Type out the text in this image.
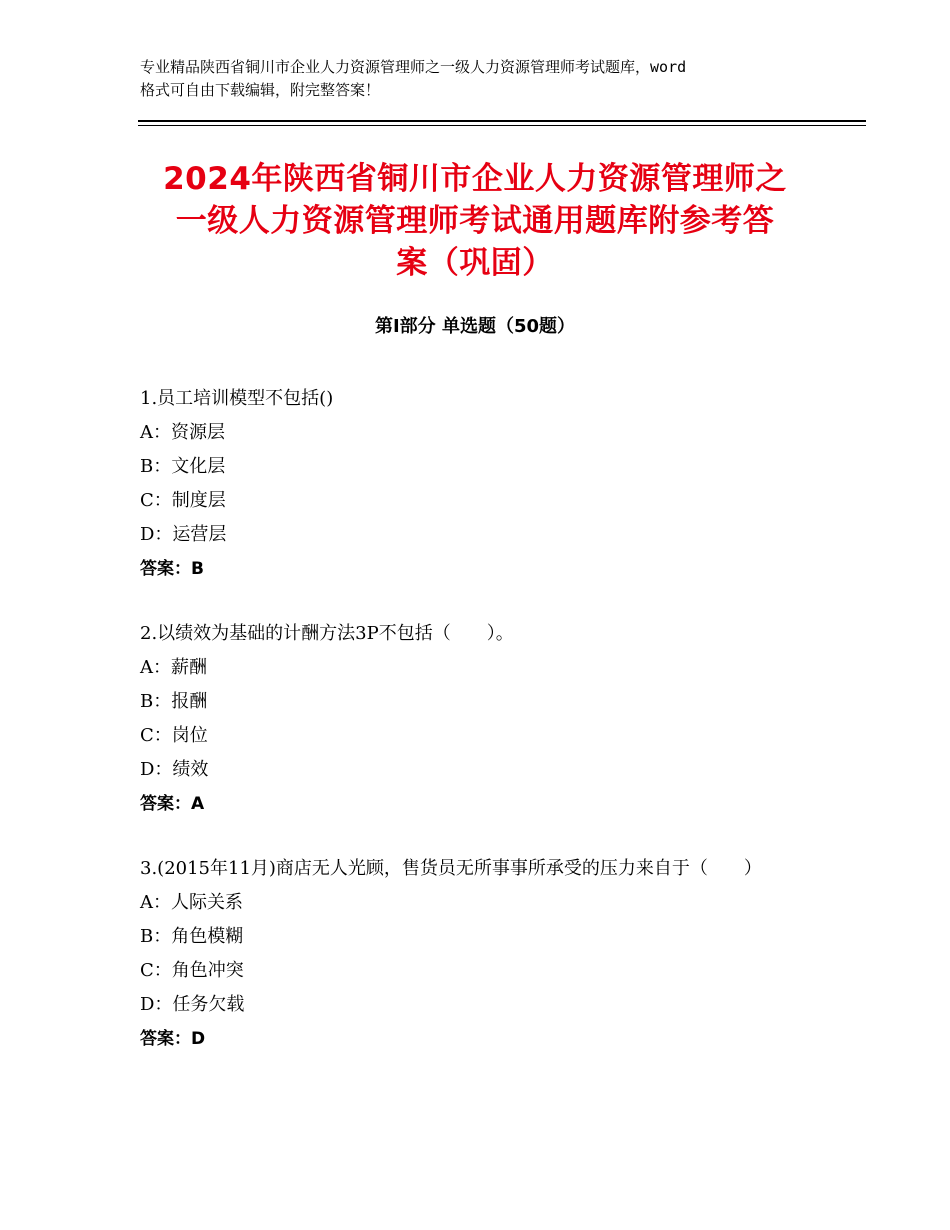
专业精品陕西省铜川市企业人力资源管理师之一级人力资源管理师考试题库，word
格式可自由下载编辑，附完整答案！
2024年陕西省铜川市企业人力资源管理师之
一级人力资源管理师考试通用题库附参考答
案（巩固）
第Ⅰ部分 单选题（50题）

1.员工培训模型不包括()

A：资源层

B：文化层

C：制度层

D：运营层

答案：B

2.以绩效为基础的计酬方法3P不包括（　　）。

A：薪酬

B：报酬

C：岗位

D：绩效

答案：A

3.(2015年11月)商店无人光顾，售货员无所事事所承受的压力来自于（　　）

A：人际关系

B：角色模糊

C：角色冲突

D：任务欠载

答案：D
